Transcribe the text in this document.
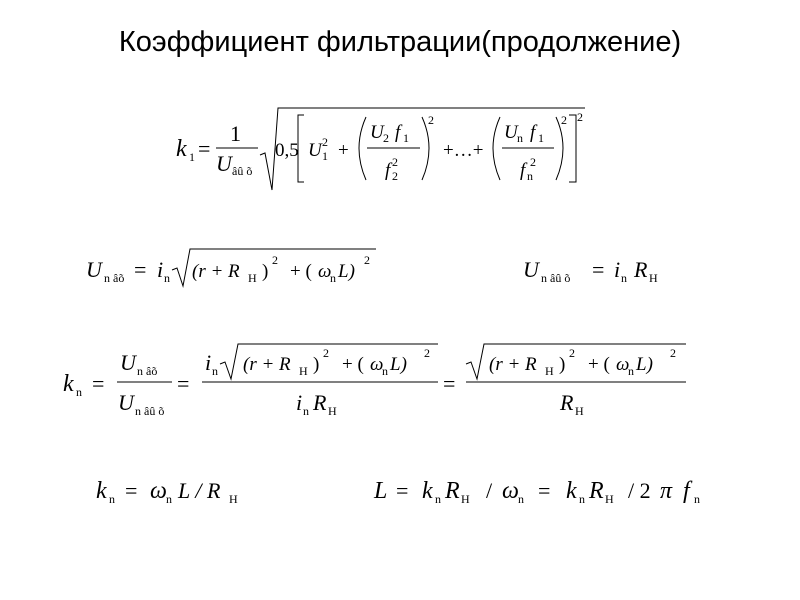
Коэффициент фильтрации(продолжение)
k 1 =
1
U âû õ
0,5 U 1
2 +
U 2 f 1
f 2
2
2
+…+
U n f 1
f n
2
2 2
U n âõ = i n (r + R H )
2
+ ( ω
n L)
2	U n âû õ = i n R H
k n =
U n âõ
U n âû õ
=
i n (r + R H )
2
+ ( ω
n L)
2
i n R H
=
(r + R H )
2
+ ( ω
n L)
2
R H
k n = ω n L / R H	L = k n R H / ω n = k n R H / 2 π f n
